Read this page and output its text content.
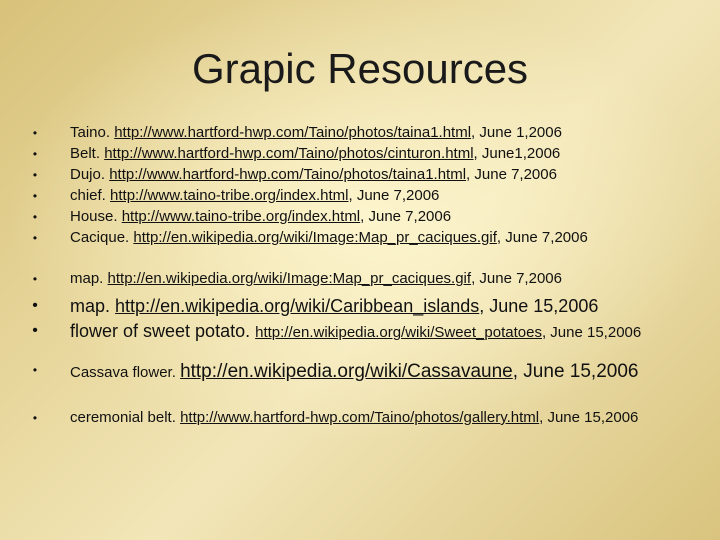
Grapic Resources
•	Taino. http://www.hartford-hwp.com/Taino/photos/taina1.html, June 1,2006
•	Belt. http://www.hartford-hwp.com/Taino/photos/cinturon.html, June1,2006
•	Dujo. http://www.hartford-hwp.com/Taino/photos/taina1.html, June 7,2006
•	chief. http://www.taino-tribe.org/index.html, June 7,2006
•	House. http://www.taino-tribe.org/index.html, June 7,2006
•	Cacique. http://en.wikipedia.org/wiki/Image:Map_pr_caciques.gif, June 7,2006
•	map. http://en.wikipedia.org/wiki/Image:Map_pr_caciques.gif, June 7,2006
• map. http://en.wikipedia.org/wiki/Caribbean_islands, June 15,2006
• flower of sweet potato. http://en.wikipedia.org/wiki/Sweet_potatoes, June 15,2006
•	Cassava flower. http://en.wikipedia.org/wiki/Cassavaune, June 15,2006
•	ceremonial belt. http://www.hartford-hwp.com/Taino/photos/gallery.html, June 15,2006
